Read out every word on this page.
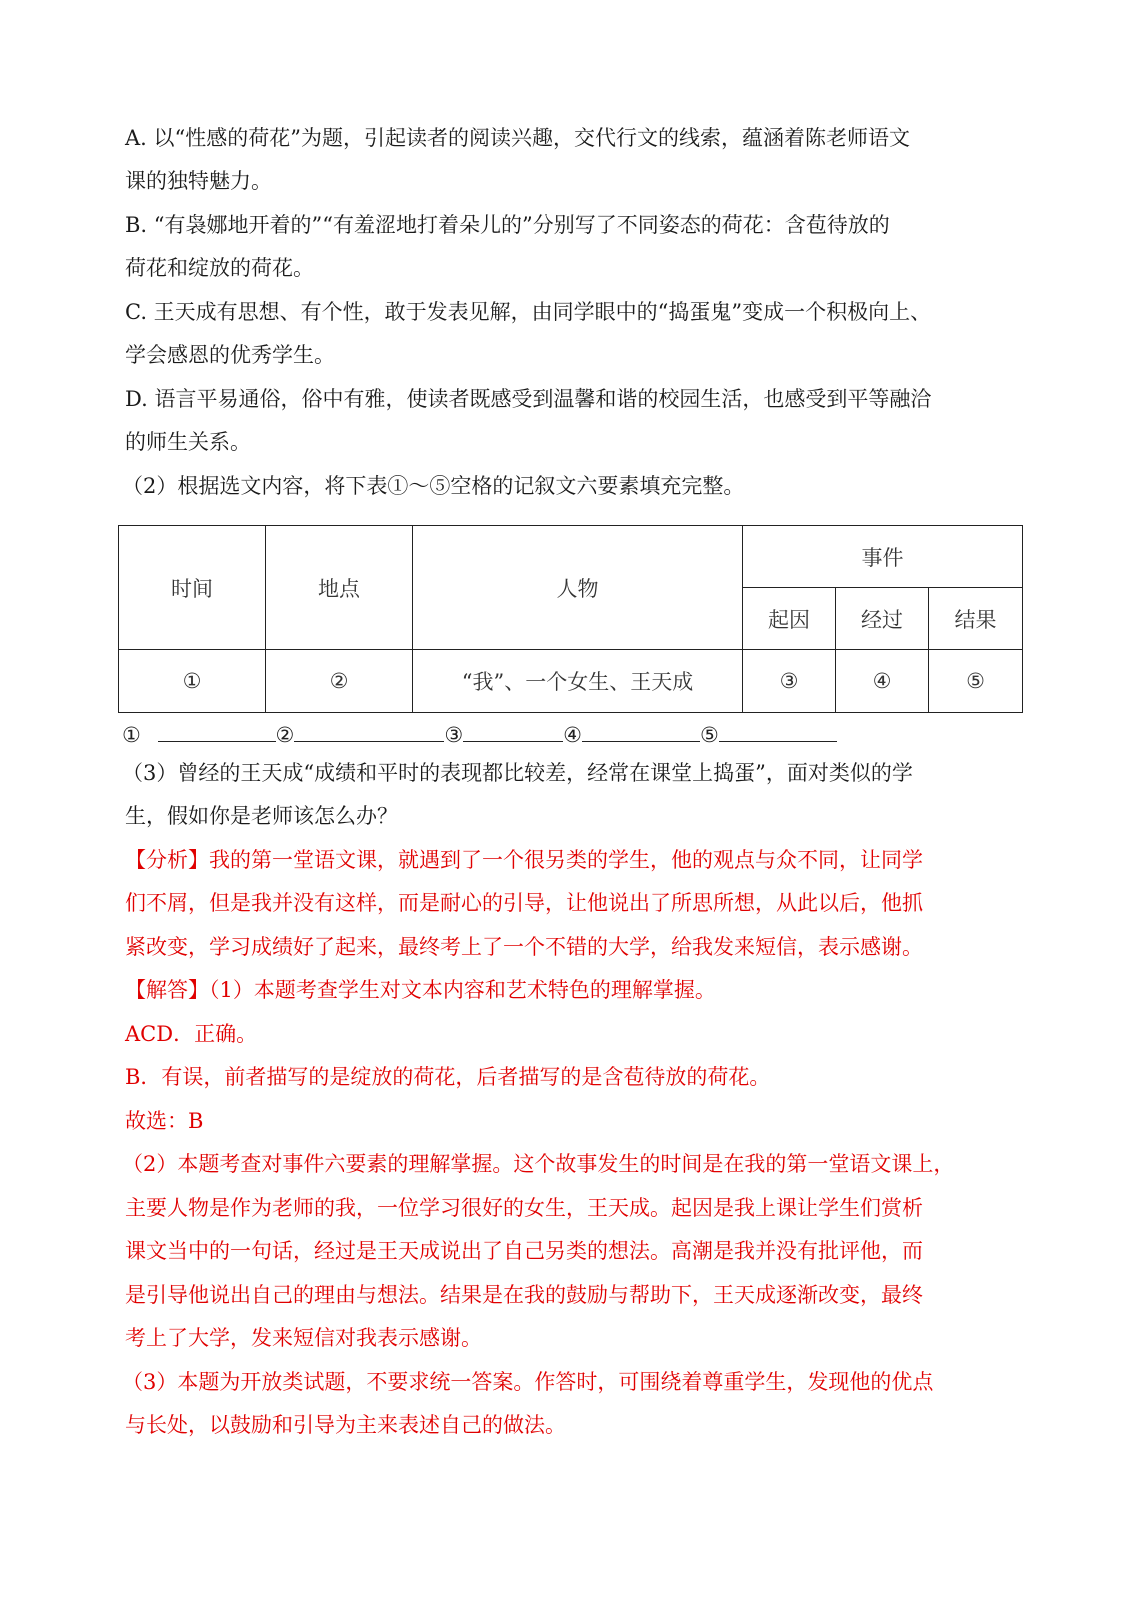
A. 以“性感的荷花”为题，引起读者的阅读兴趣，交代行文的线索，蕴涵着陈老师语文
课的独特魅力。
B. “有袅娜地开着的”“有羞涩地打着朵儿的”分别写了不同姿态的荷花：含苞待放的
荷花和绽放的荷花。
C. 王天成有思想、有个性，敢于发表见解，由同学眼中的“捣蛋鬼”变成一个积极向上、
学会感恩的优秀学生。
D. 语言平易通俗，俗中有雅，使读者既感受到温馨和谐的校园生活，也感受到平等融洽
的师生关系。
（2）根据选文内容，将下表①～⑤空格的记叙文六要素填充完整。
时间	地点	人物	事件		
			起因	经过	结果
①	②	“我”、一个女生、王天成	③	④	⑤
①	②	③	④	⑤
（3）曾经的王天成“成绩和平时的表现都比较差，经常在课堂上捣蛋”，面对类似的学
生，假如你是老师该怎么办？
【分析】我的第一堂语文课，就遇到了一个很另类的学生，他的观点与众不同，让同学
们不屑，但是我并没有这样，而是耐心的引导，让他说出了所思所想，从此以后，他抓
紧改变，学习成绩好了起来，最终考上了一个不错的大学，给我发来短信，表示感谢。
【解答】（1）本题考查学生对文本内容和艺术特色的理解掌握。
ACD．正确。
B．有误，前者描写的是绽放的荷花，后者描写的是含苞待放的荷花。
故选：B
（2）本题考查对事件六要素的理解掌握。这个故事发生的时间是在我的第一堂语文课上，
主要人物是作为老师的我，一位学习很好的女生，王天成。起因是我上课让学生们赏析
课文当中的一句话，经过是王天成说出了自己另类的想法。高潮是我并没有批评他，而
是引导他说出自己的理由与想法。结果是在我的鼓励与帮助下，王天成逐渐改变，最终
考上了大学，发来短信对我表示感谢。
（3）本题为开放类试题，不要求统一答案。作答时，可围绕着尊重学生，发现他的优点
与长处，以鼓励和引导为主来表述自己的做法。
